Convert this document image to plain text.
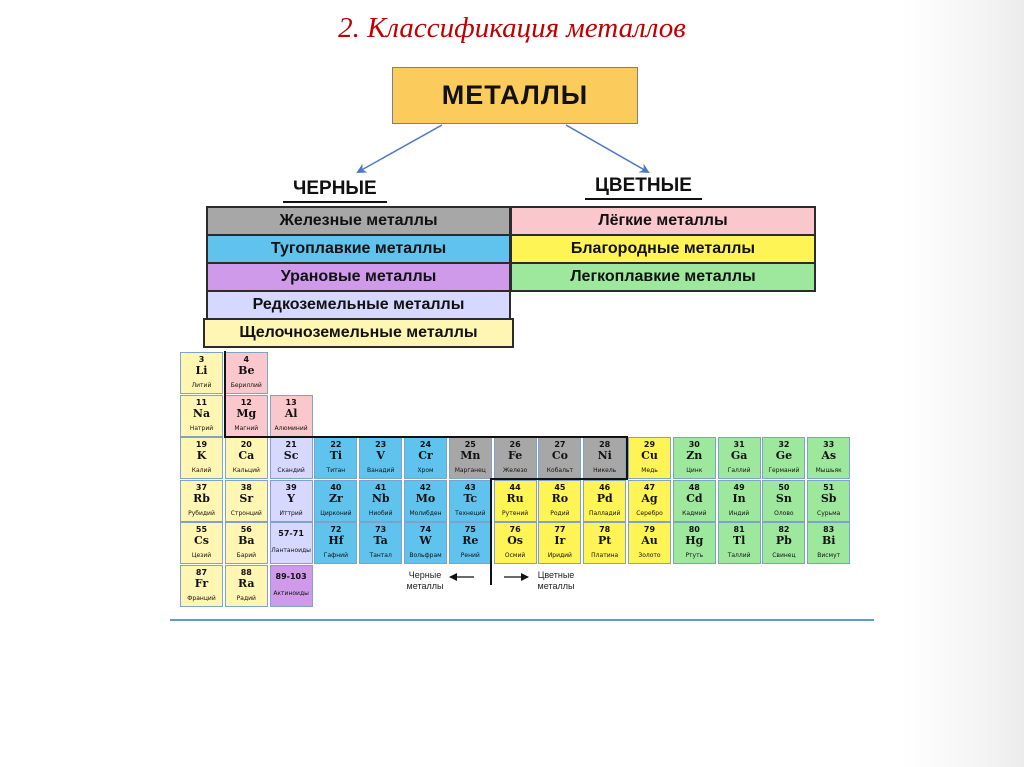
2. Классификация металлов
МЕТАЛЛЫ
ЧЕРНЫЕ	ЦВЕТНЫЕ
Железные металлы
Тугоплавкие металлы
Урановые металлы
Редкоземельные металлы
Щелочноземельные металлы
Лёгкие металлы
Благородные металлы
Легкоплавкие металлы
3
Li
Литий
4
Be
Бериллий
11
Na
Натрий
12
Mg
Магний
13
Al
Алюминий
19
K
Калий
20
Ca
Кальций
21
Sc
Скандий
22
Ti
Титан
23
V
Ванадий
24
Cr
Хром
25
Mn
Марганец
26
Fe
Железо
27
Co
Кобальт
28
Ni
Никель
29
Cu
Медь
30
Zn
Цинк
31
Ga
Галлий
32
Ge
Германий
33
As
Мышьяк
37
Rb
Рубидий
38
Sr
Стронций
39
Y
Иттрий
40
Zr
Цирконий
41
Nb
Ниобий
42
Mo
Молибден
43
Tc
Технеций
44
Ru
Рутений
45
Ro
Родий
46
Pd
Палладий
47
Ag
Серебро
48
Cd
Кадмий
49
In
Индий
50
Sn
Олово
51
Sb
Сурьма
55
Cs
Цезий
56
Ba
Барий
57-71
Лантаноиды
72
Hf
Гафний
73
Ta
Тантал
74
W
Вольфрам
75
Re
Рений
76
Os
Осмий
77
Ir
Иридий
78
Pt
Платина
79
Au
Золото
80
Hg
Ртуть
81
Tl
Таллий
82
Pb
Свинец
83
Bi
Висмут
87
Fr
Франций
88
Ra
Радий
89-103
Актиноиды
Черные металлы
Цветные металлы
